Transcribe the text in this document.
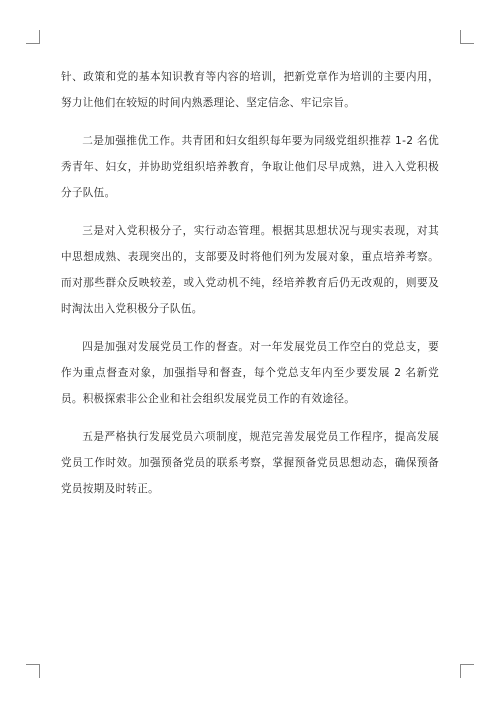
针、政策和党的基本知识教育等内容的培训，把新党章作为培训的主要内用，努力让他们在较短的时间内熟悉理论、坚定信念、牢记宗旨。

二是加强推优工作。共青团和妇女组织每年要为同级党组织推荐 1-2 名优秀青年、妇女，并协助党组织培养教育，争取让他们尽早成熟，进入入党积极分子队伍。

三是对入党积极分子，实行动态管理。根据其思想状况与现实表现，对其中思想成熟、表现突出的，支部要及时将他们列为发展对象，重点培养考察。而对那些群众反映较差，或入党动机不纯，经培养教育后仍无改观的，则要及时淘汰出入党积极分子队伍。

四是加强对发展党员工作的督查。对一年发展党员工作空白的党总支，要作为重点督查对象，加强指导和督查，每个党总支年内至少要发展 2 名新党员。积极探索非公企业和社会组织发展党员工作的有效途径。

五是严格执行发展党员六项制度，规范完善发展党员工作程序，提高发展党员工作时效。加强预备党员的联系考察，掌握预备党员思想动态，确保预备党员按期及时转正。
